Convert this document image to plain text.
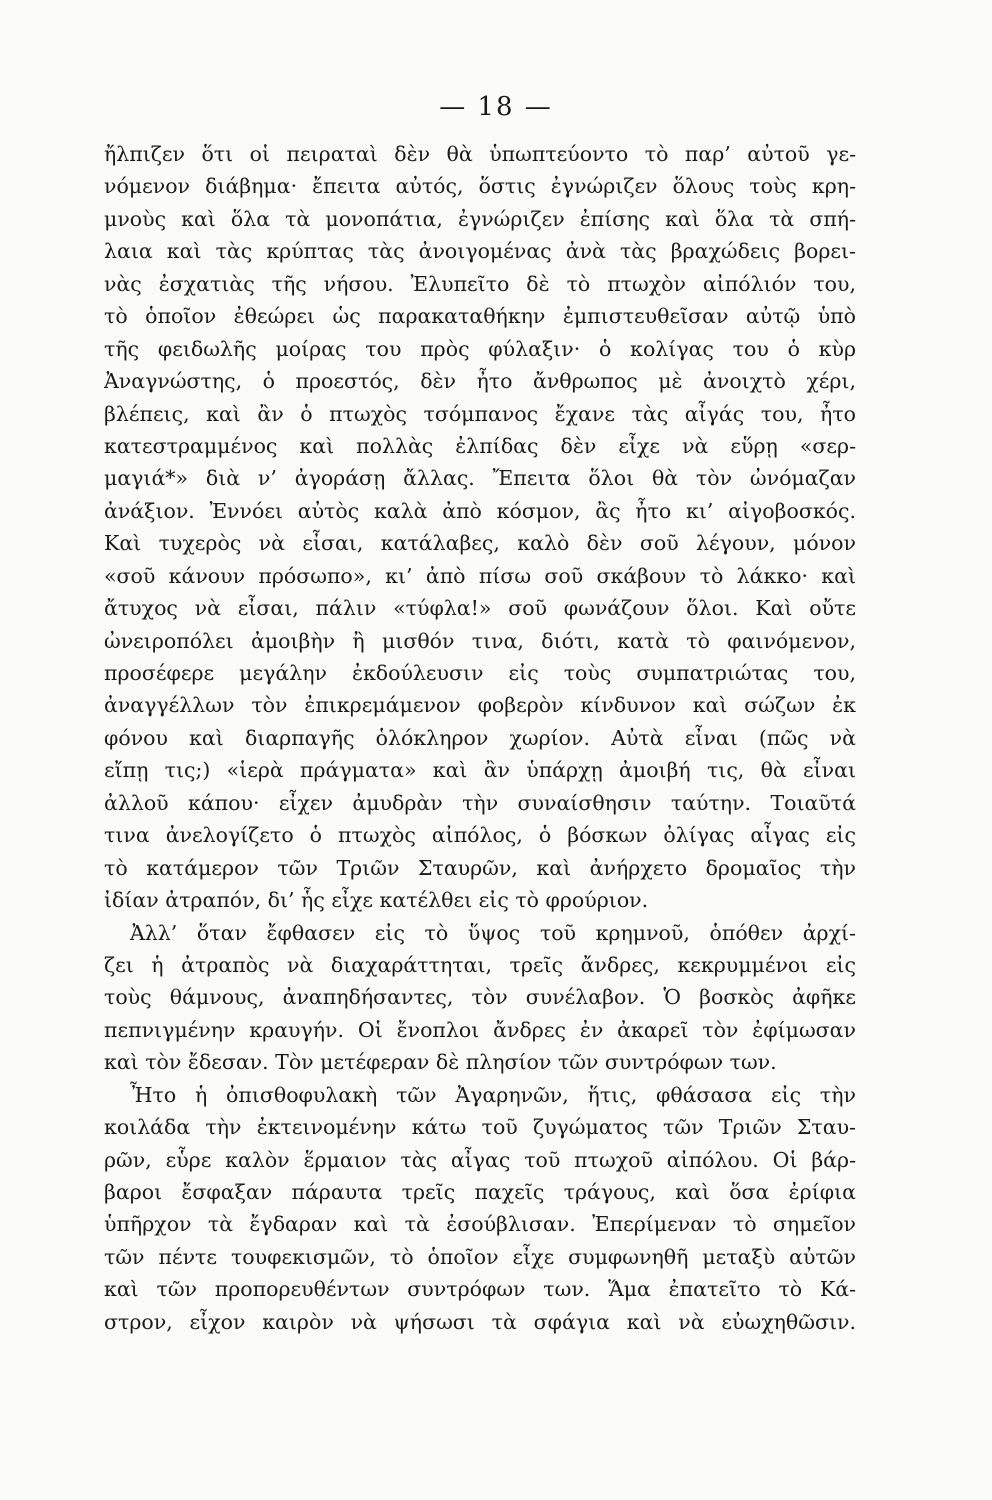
— 18 —
ἤλπιζεν ὅτι οἱ πειραταὶ δὲν θὰ ὑπωπτεύοντο τὸ παρ’ αὐτοῦ γε-
νόμενον διάβημα· ἔπειτα αὐτός, ὅστις ἐγνώριζεν ὅλους τοὺς κρη-
μνοὺς καὶ ὅλα τὰ μονοπάτια, ἐγνώριζεν ἐπίσης καὶ ὅλα τὰ σπή-
λαια καὶ τὰς κρύπτας τὰς ἀνοιγομένας ἀνὰ τὰς βραχώδεις βορει-
νὰς ἐσχατιὰς τῆς νήσου. Ἐλυπεῖτο δὲ τὸ πτωχὸν αἰπόλιόν του,
τὸ ὁποῖον ἐθεώρει ὡς παρακαταθήκην ἐμπιστευθεῖσαν αὐτῷ ὑπὸ
τῆς φειδωλῆς μοίρας του πρὸς φύλαξιν· ὁ κολίγας του ὁ κὺρ
Ἀναγνώστης, ὁ προεστός, δὲν ἦτο ἄνθρωπος μὲ ἀνοιχτὸ χέρι,
βλέπεις, καὶ ἂν ὁ πτωχὸς τσόμπανος ἔχανε τὰς αἶγάς του, ἦτο
κατεστραμμένος καὶ πολλὰς ἐλπίδας δὲν εἶχε νὰ εὕρῃ «σερ-
μαγιά*» διὰ ν’ ἀγοράσῃ ἄλλας. Ἔπειτα ὅλοι θὰ τὸν ὠνόμαζαν
ἀνάξιον. Ἐννόει αὐτὸς καλὰ ἀπὸ κόσμον, ἂς ἦτο κι’ αἰγοβοσκός.
Καὶ τυχερὸς νὰ εἶσαι, κατάλαβες, καλὸ δὲν σοῦ λέγουν, μόνον
«σοῦ κάνουν πρόσωπο», κι’ ἀπὸ πίσω σοῦ σκάβουν τὸ λάκκο· καὶ
ἄτυχος νὰ εἶσαι, πάλιν «τύφλα!» σοῦ φωνάζουν ὅλοι. Καὶ οὔτε
ὠνειροπόλει ἀμοιβὴν ἢ μισθόν τινα, διότι, κατὰ τὸ φαινόμενον,
προσέφερε μεγάλην ἐκδούλευσιν εἰς τοὺς συμπατριώτας του,
ἀναγγέλλων τὸν ἐπικρεμάμενον φοβερὸν κίνδυνον καὶ σώζων ἐκ
φόνου καὶ διαρπαγῆς ὁλόκληρον χωρίον. Αὐτὰ εἶναι (πῶς νὰ
εἴπῃ τις;) «ἱερὰ πράγματα» καὶ ἂν ὑπάρχῃ ἀμοιβή τις, θὰ εἶναι
ἀλλοῦ κάπου· εἶχεν ἀμυδρὰν τὴν συναίσθησιν ταύτην. Τοιαῦτά
τινα ἀνελογίζετο ὁ πτωχὸς αἰπόλος, ὁ βόσκων ὀλίγας αἶγας εἰς
τὸ κατάμερον τῶν Τριῶν Σταυρῶν, καὶ ἀνήρχετο δρομαῖος τὴν
ἰδίαν ἀτραπόν, δι’ ἧς εἶχε κατέλθει εἰς τὸ φρούριον.
Ἀλλ’ ὅταν ἔφθασεν εἰς τὸ ὕψος τοῦ κρημνοῦ, ὁπόθεν ἀρχί-
ζει ἡ ἀτραπὸς νὰ διαχαράττηται, τρεῖς ἄνδρες, κεκρυμμένοι εἰς
τοὺς θάμνους, ἀναπηδήσαντες, τὸν συνέλαβον. Ὁ βοσκὸς ἀφῆκε
πεπνιγμένην κραυγήν. Οἱ ἔνοπλοι ἄνδρες ἐν ἀκαρεῖ τὸν ἐφίμωσαν
καὶ τὸν ἔδεσαν. Τὸν μετέφεραν δὲ πλησίον τῶν συντρόφων των.
Ἦτο ἡ ὀπισθοφυλακὴ τῶν Ἀγαρηνῶν, ἥτις, φθάσασα εἰς τὴν
κοιλάδα τὴν ἐκτεινομένην κάτω τοῦ ζυγώματος τῶν Τριῶν Σταυ-
ρῶν, εὗρε καλὸν ἕρμαιον τὰς αἶγας τοῦ πτωχοῦ αἰπόλου. Οἱ βάρ-
βαροι ἔσφαξαν πάραυτα τρεῖς παχεῖς τράγους, καὶ ὅσα ἐρίφια
ὑπῆρχον τὰ ἔγδαραν καὶ τὰ ἐσούβλισαν. Ἐπερίμεναν τὸ σημεῖον
τῶν πέντε τουφεκισμῶν, τὸ ὁποῖον εἶχε συμφωνηθῆ μεταξὺ αὐτῶν
καὶ τῶν προπορευθέντων συντρόφων των. Ἅμα ἐπατεῖτο τὸ Κά-
στρον, εἶχον καιρὸν νὰ ψήσωσι τὰ σφάγια καὶ νὰ εὐωχηθῶσιν.
